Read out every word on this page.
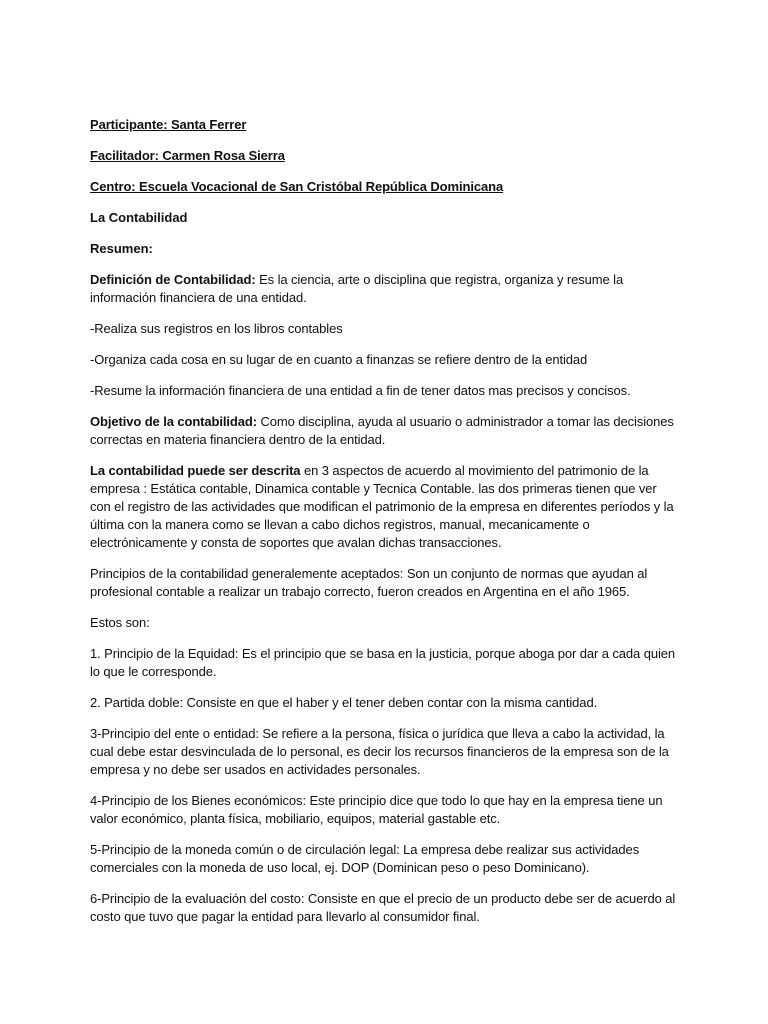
Participante: Santa Ferrer
Facilitador: Carmen Rosa Sierra
Centro: Escuela Vocacional de San Cristóbal República Dominicana
La Contabilidad
Resumen:

Definición de Contabilidad: Es la ciencia, arte o disciplina que registra, organiza y resume la información financiera de una entidad.

-Realiza sus registros en los libros contables

-Organiza cada cosa en su lugar de en cuanto a finanzas se refiere dentro de la entidad

-Resume la información financiera de una entidad a fin de tener datos mas precisos y concisos.

Objetivo de la contabilidad: Como disciplina, ayuda al usuario o administrador a tomar las decisiones correctas en materia financiera dentro de la entidad.

La contabilidad puede ser descrita en 3 aspectos de acuerdo al movimiento del patrimonio de la empresa : Estática contable, Dinamica contable y Tecnica Contable. las dos primeras tienen que ver con el registro de las actividades que modifican el patrimonio de la empresa en diferentes períodos y la última con la manera como se llevan a cabo dichos registros, manual, mecanicamente o electrónicamente y consta de soportes que avalan dichas transacciones.

Principios de la contabilidad generalemente aceptados: Son un conjunto de normas que ayudan al profesional contable a realizar un trabajo correcto, fueron creados en Argentina en el año 1965.

Estos son:

1. Principio de la Equidad: Es el principio que se basa en la justicia, porque aboga por dar a cada quien lo que le corresponde.

2. Partida doble: Consiste en que el haber y el tener deben contar con la misma cantidad.

3-Principio del ente o entidad: Se refiere a la persona, física o jurídica que lleva a cabo la actividad, la cual debe estar desvinculada de lo personal, es decir los recursos financieros de la empresa son de la empresa y no debe ser usados en actividades personales.

4-Principio de los Bienes económicos: Este principio dice que todo lo que hay en la empresa tiene un valor económico, planta física, mobiliario, equipos, material gastable etc.

5-Principio de la moneda común o de circulación legal: La empresa debe realizar sus actividades comerciales con la moneda de uso local, ej. DOP (Dominican peso o peso Dominicano).

6-Principio de la evaluación del costo: Consiste en que el precio de un producto debe ser de acuerdo al costo que tuvo que pagar la entidad para llevarlo al consumidor final.
